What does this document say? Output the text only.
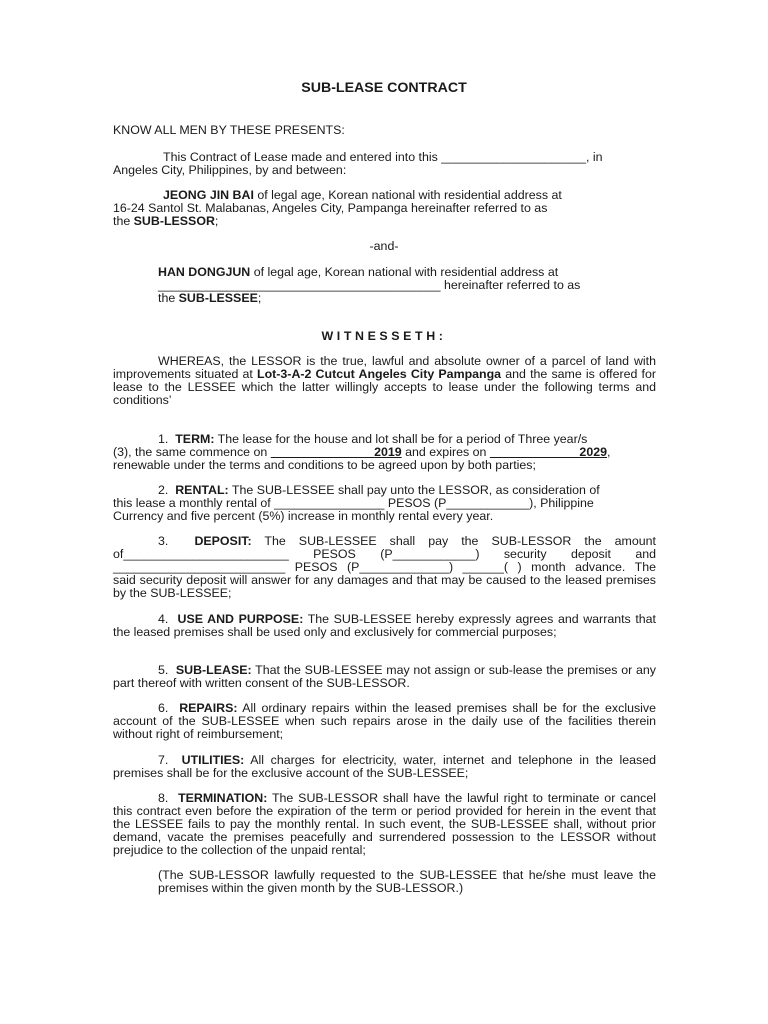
SUB-LEASE CONTRACT

KNOW ALL MEN BY THESE PRESENTS:

This Contract of Lease made and entered into this _____________________, in
Angeles City, Philippines, by and between:
JEONG JIN BAI of legal age, Korean national with residential address at
16-24 Santol St. Malabanas, Angeles City, Pampanga hereinafter referred to as
the SUB-LESSOR;
-and-
HAN DONGJUN of legal age, Korean national with residential address at
_________________________________________ hereinafter referred to as
the SUB-LESSEE;
WITNESSETH:

WHEREAS, the LESSOR is the true, lawful and absolute owner of a parcel of land with improvements situated at Lot-3-A-2 Cutcut Angeles City Pampanga and the same is offered for lease to the LESSEE which the latter willingly accepts to lease under the following terms and conditions’

1. TERM: The lease for the house and lot shall be for a period of Three year/s
(3), the same commence on	2019 and expires on	2029,
renewable under the terms and conditions to be agreed upon by both parties;
2. RENTAL: The SUB-LESSEE shall pay unto the LESSOR, as consideration of
this lease a monthly rental of ________________ PESOS (P____________), Philippine
Currency and five percent (5%) increase in monthly rental every year.
3. DEPOSIT: The SUB-LESSEE shall pay the SUB-LESSOR the amount
of________________________ PESOS (P____________) security deposit and
_________________________ PESOS (P_____________) ______( ) month advance. The
said security deposit will answer for any damages and that may be caused to the leased premises by the SUB-LESSEE;

4. USE AND PURPOSE: The SUB-LESSEE hereby expressly agrees and warrants that the leased premises shall be used only and exclusively for commercial purposes;

5. SUB-LEASE: That the SUB-LESSEE may not assign or sub-lease the premises or any part thereof with written consent of the SUB-LESSOR.

6. REPAIRS: All ordinary repairs within the leased premises shall be for the exclusive account of the SUB-LESSEE when such repairs arose in the daily use of the facilities therein without right of reimbursement;

7. UTILITIES: All charges for electricity, water, internet and telephone in the leased premises shall be for the exclusive account of the SUB-LESSEE;

8. TERMINATION: The SUB-LESSOR shall have the lawful right to terminate or cancel this contract even before the expiration of the term or period provided for herein in the event that the LESSEE fails to pay the monthly rental. In such event, the SUB-LESSEE shall, without prior demand, vacate the premises peacefully and surrendered possession to the LESSOR without prejudice to the collection of the unpaid rental;

(The SUB-LESSOR lawfully requested to the SUB-LESSEE that he/she must leave the premises within the given month by the SUB-LESSOR.)
